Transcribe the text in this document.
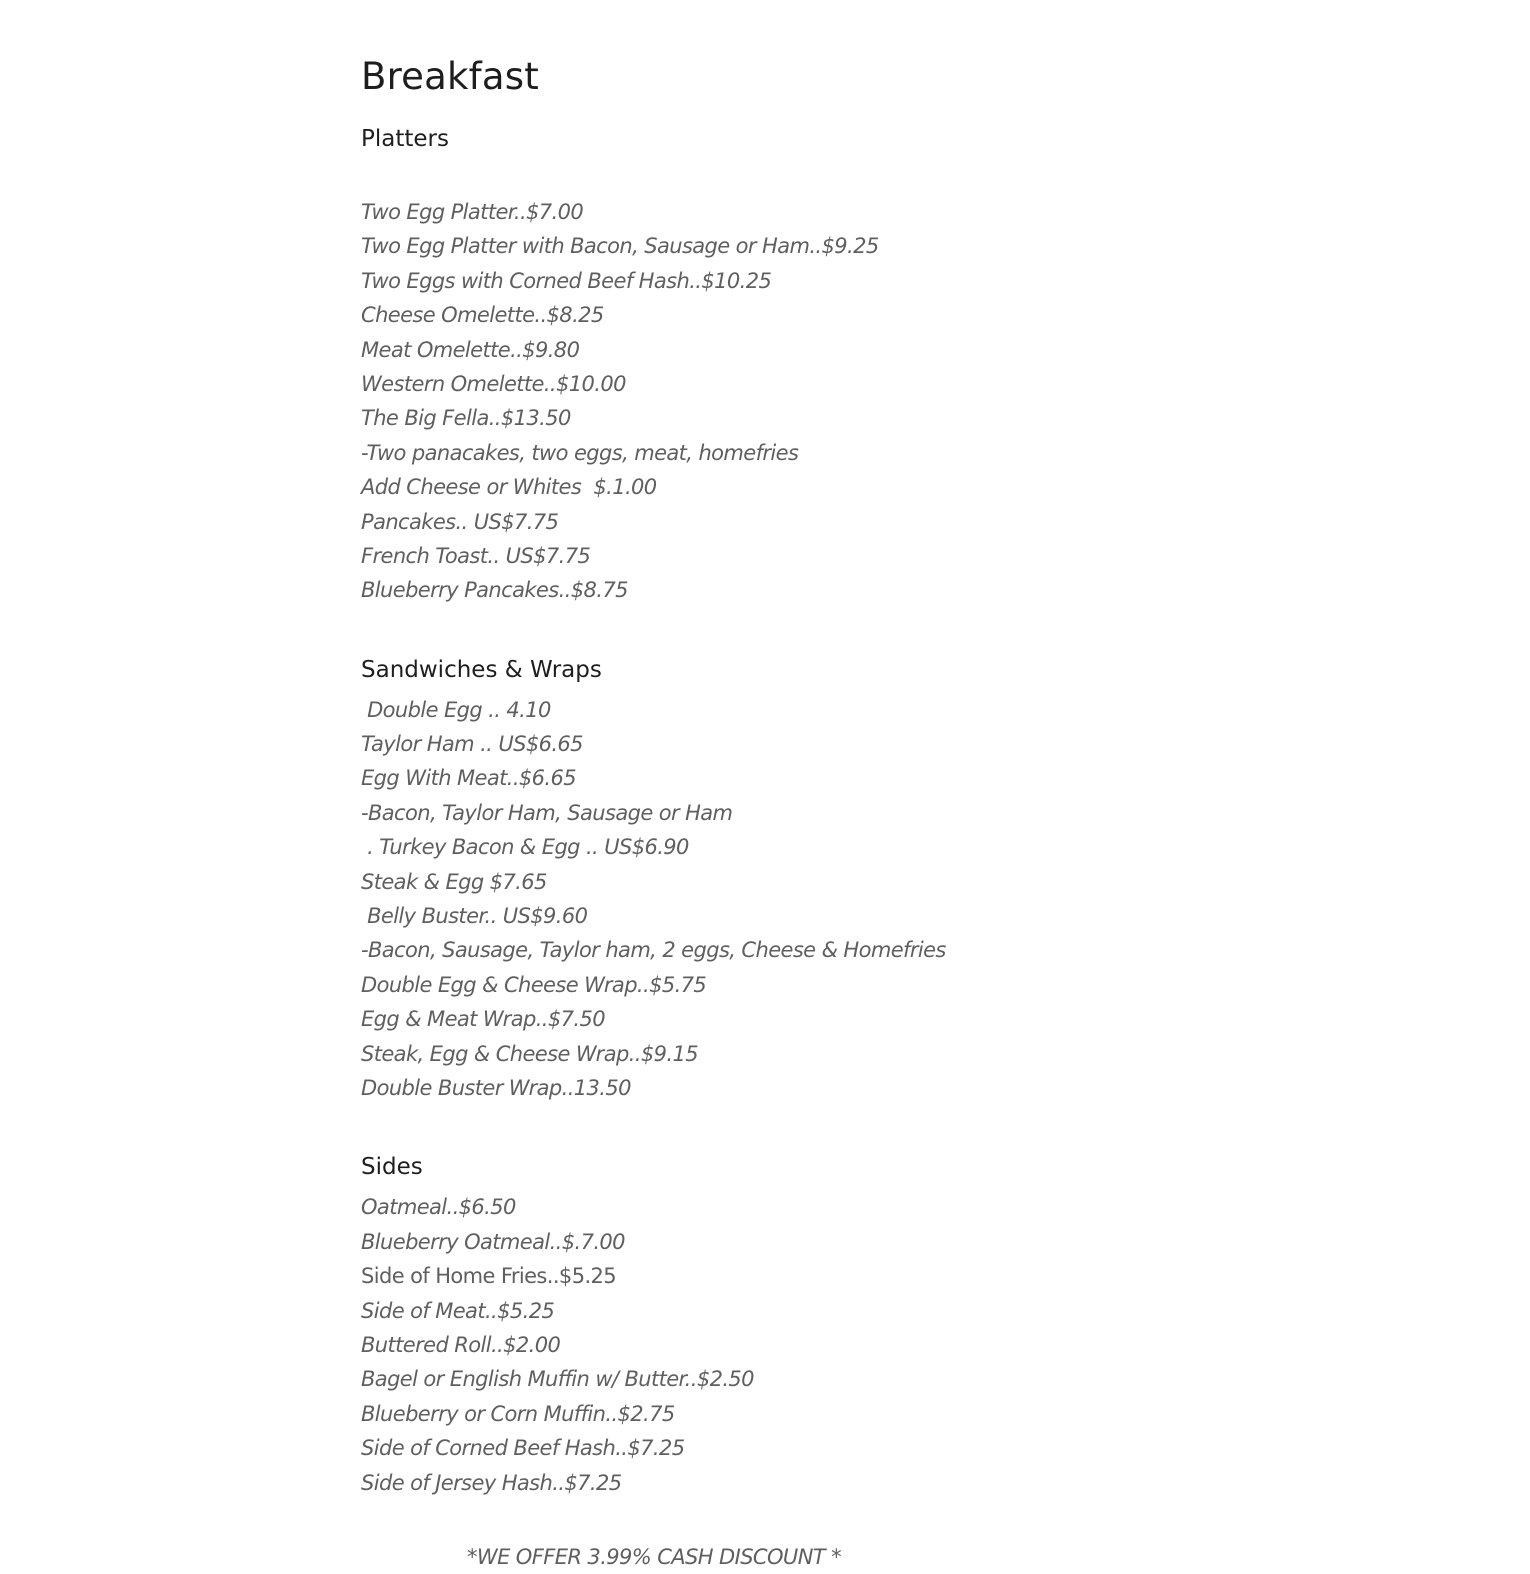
Breakfast
Platters
Two Egg Platter..$7.00
Two Egg Platter with Bacon, Sausage or Ham..$9.25
Two Eggs with Corned Beef Hash..$10.25
Cheese Omelette..$8.25
Meat Omelette..$9.80
Western Omelette..$10.00
The Big Fella..$13.50
-Two panacakes, two eggs, meat, homefries
Add Cheese or Whites  $.1.00
Pancakes.. US$7.75
French Toast.. US$7.75
Blueberry Pancakes..$8.75
Sandwiches & Wraps
Double Egg .. 4.10
Taylor Ham .. US$6.65
Egg With Meat..$6.65
-Bacon, Taylor Ham, Sausage or Ham
. Turkey Bacon & Egg .. US$6.90
Steak & Egg $7.65
Belly Buster.. US$9.60
-Bacon, Sausage, Taylor ham, 2 eggs, Cheese & Homefries
Double Egg & Cheese Wrap..$5.75
Egg & Meat Wrap..$7.50
Steak, Egg & Cheese Wrap..$9.15
Double Buster Wrap..13.50
Sides
Oatmeal..$6.50
Blueberry Oatmeal..$.7.00
Side of Home Fries..$5.25
Side of Meat..$5.25
Buttered Roll..$2.00
Bagel or English Muffin w/ Butter..$2.50
Blueberry or Corn Muffin..$2.75
Side of Corned Beef Hash..$7.25
Side of Jersey Hash..$7.25

*WE OFFER 3.99% CASH DISCOUNT *
